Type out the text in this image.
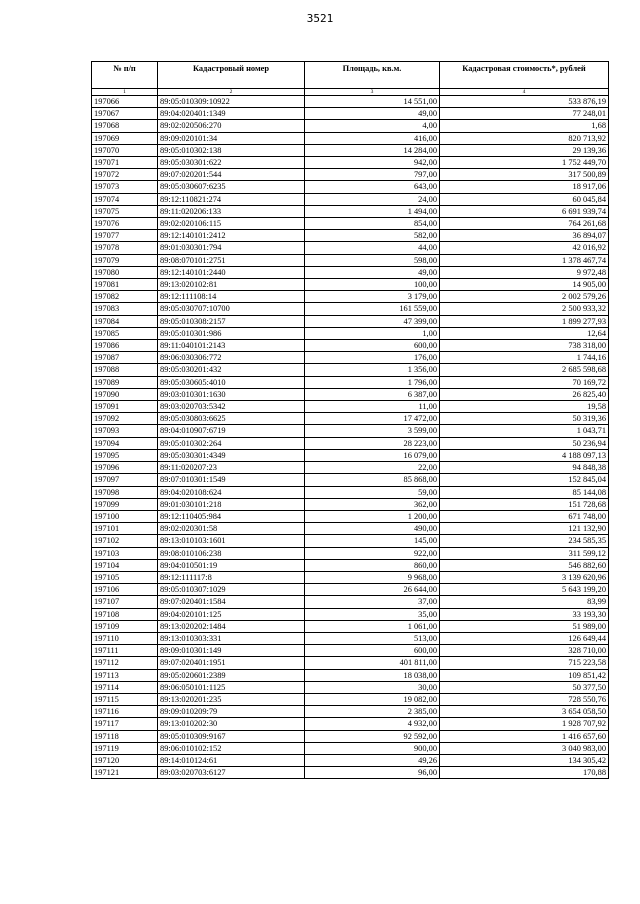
3521
№ п/п	Кадастровый номер	Площадь, кв.м.	Кадастровая стоимость*, рублей
1	2	3	4
197066	89:05:010309:10922	14 551,00	533 876,19
197067	89:04:020401:1349	49,00	77 248,01
197068	89:02:020506:270	4,00	1,68
197069	89:09:020101:34	416,00	820 713,92
197070	89:05:010302:138	14 284,00	29 139,36
197071	89:05:030301:622	942,00	1 752 449,70
197072	89:07:020201:544	797,00	317 500,89
197073	89:05:030607:6235	643,00	18 917,06
197074	89:12:110821:274	24,00	60 045,84
197075	89:11:020206:133	1 494,00	6 691 939,74
197076	89:02:020106:115	854,00	764 261,68
197077	89:12:140101:2412	582,00	36 894,07
197078	89:01:030301:794	44,00	42 016,92
197079	89:08:070101:2751	598,00	1 378 467,74
197080	89:12:140101:2440	49,00	9 972,48
197081	89:13:020102:81	100,00	14 905,00
197082	89:12:111108:14	3 179,00	2 002 579,26
197083	89:05:030707:10700	161 559,00	2 500 933,32
197084	89:05:010308:2157	47 399,00	1 899 277,93
197085	89:05:010301:986	1,00	12,64
197086	89:11:040101:2143	600,00	738 318,00
197087	89:06:030306:772	176,00	1 744,16
197088	89:05:030201:432	1 356,00	2 685 598,68
197089	89:05:030605:4010	1 796,00	70 169,72
197090	89:03:010301:1630	6 387,00	26 825,40
197091	89:03:020703:5342	11,00	19,58
197092	89:05:030803:6625	17 472,00	50 319,36
197093	89:04:010907:6719	3 599,00	1 043,71
197094	89:05:010302:264	28 223,00	50 236,94
197095	89:05:030301:4349	16 079,00	4 188 097,13
197096	89:11:020207:23	22,00	94 848,38
197097	89:07:010301:1549	85 868,00	152 845,04
197098	89:04:020108:624	59,00	85 144,08
197099	89:01:030101:218	362,00	151 728,68
197100	89:12:110405:984	1 200,00	671 748,00
197101	89:02:020301:58	490,00	121 132,90
197102	89:13:010103:1601	145,00	234 585,35
197103	89:08:010106:238	922,00	311 599,12
197104	89:04:010501:19	860,00	546 882,60
197105	89:12:111117:8	9 968,00	3 139 620,96
197106	89:05:010307:1029	26 644,00	5 643 199,20
197107	89:07:020401:1584	37,00	83,99
197108	89:04:020101:125	35,00	33 193,30
197109	89:13:020202:1484	1 061,00	51 989,00
197110	89:13:010303:331	513,00	126 649,44
197111	89:09:010301:149	600,00	328 710,00
197112	89:07:020401:1951	401 811,00	715 223,58
197113	89:05:020601:2389	18 038,00	109 851,42
197114	89:06:050101:1125	30,00	50 377,50
197115	89:13:020201:235	19 082,00	728 550,76
197116	89:09:010209:79	2 385,00	3 654 058,50
197117	89:13:010202:30	4 932,00	1 928 707,92
197118	89:05:010309:9167	92 592,00	1 416 657,60
197119	89:06:010102:152	900,00	3 040 983,00
197120	89:14:010124:61	49,26	134 305,42
197121	89:03:020703:6127	96,00	170,88
